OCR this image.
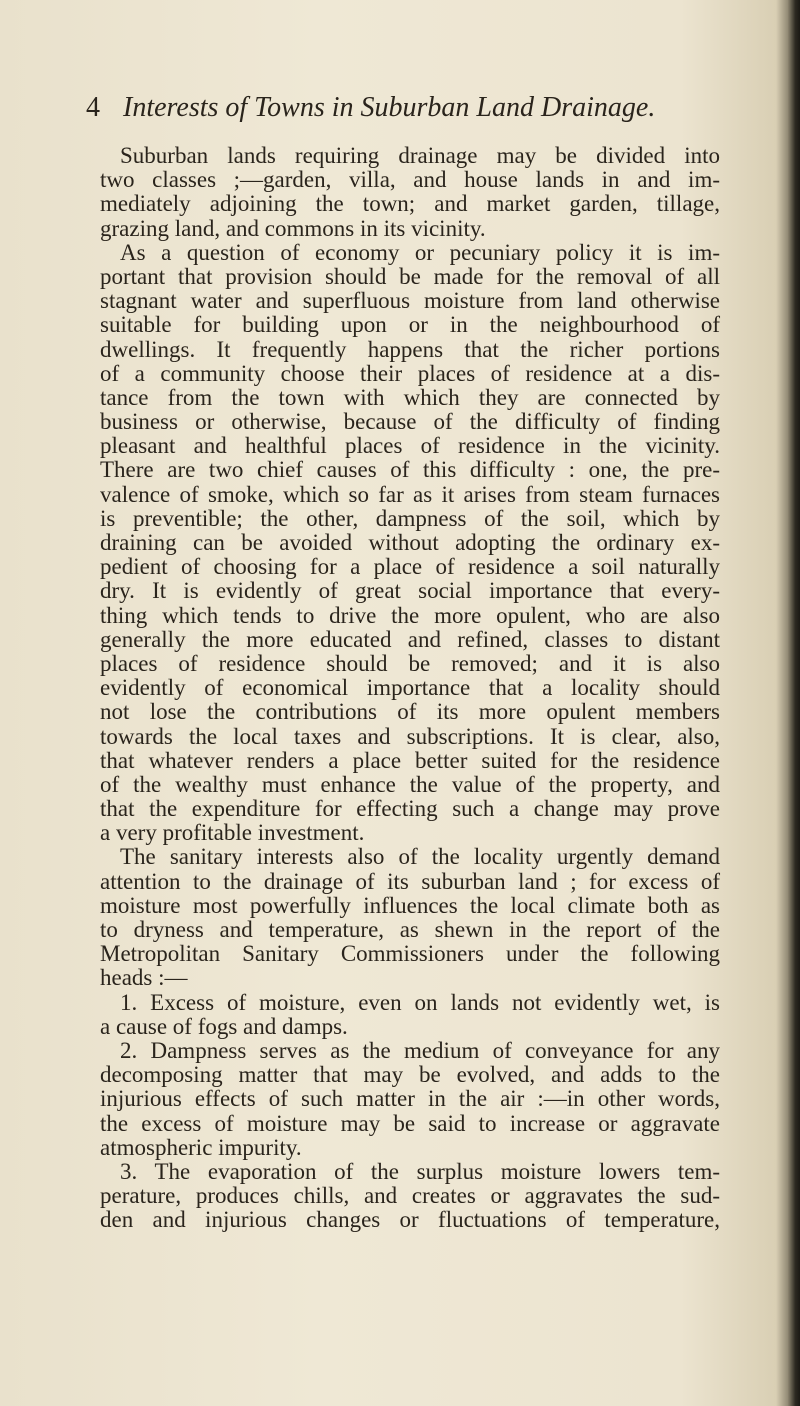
4 Interests of Towns in Suburban Land Drainage.
Suburban lands requiring drainage may be divided into
two classes ;—garden, villa, and house lands in and im-
mediately adjoining the town; and market garden, tillage,
grazing land, and commons in its vicinity.
As a question of economy or pecuniary policy it is im-
portant that provision should be made for the removal of all
stagnant water and superfluous moisture from land otherwise
suitable for building upon or in the neighbourhood of
dwellings. It frequently happens that the richer portions
of a community choose their places of residence at a dis-
tance from the town with which they are connected by
business or otherwise, because of the difficulty of finding
pleasant and healthful places of residence in the vicinity.
There are two chief causes of this difficulty : one, the pre-
valence of smoke, which so far as it arises from steam furnaces
is preventible; the other, dampness of the soil, which by
draining can be avoided without adopting the ordinary ex-
pedient of choosing for a place of residence a soil naturally
dry. It is evidently of great social importance that every-
thing which tends to drive the more opulent, who are also
generally the more educated and refined, classes to distant
places of residence should be removed; and it is also
evidently of economical importance that a locality should
not lose the contributions of its more opulent members
towards the local taxes and subscriptions. It is clear, also,
that whatever renders a place better suited for the residence
of the wealthy must enhance the value of the property, and
that the expenditure for effecting such a change may prove
a very profitable investment.
The sanitary interests also of the locality urgently demand
attention to the drainage of its suburban land ; for excess of
moisture most powerfully influences the local climate both as
to dryness and temperature, as shewn in the report of the
Metropolitan Sanitary Commissioners under the following
heads :—
1. Excess of moisture, even on lands not evidently wet, is
a cause of fogs and damps.
2. Dampness serves as the medium of conveyance for any
decomposing matter that may be evolved, and adds to the
injurious effects of such matter in the air :—in other words,
the excess of moisture may be said to increase or aggravate
atmospheric impurity.
3. The evaporation of the surplus moisture lowers tem-
perature, produces chills, and creates or aggravates the sud-
den and injurious changes or fluctuations of temperature,
